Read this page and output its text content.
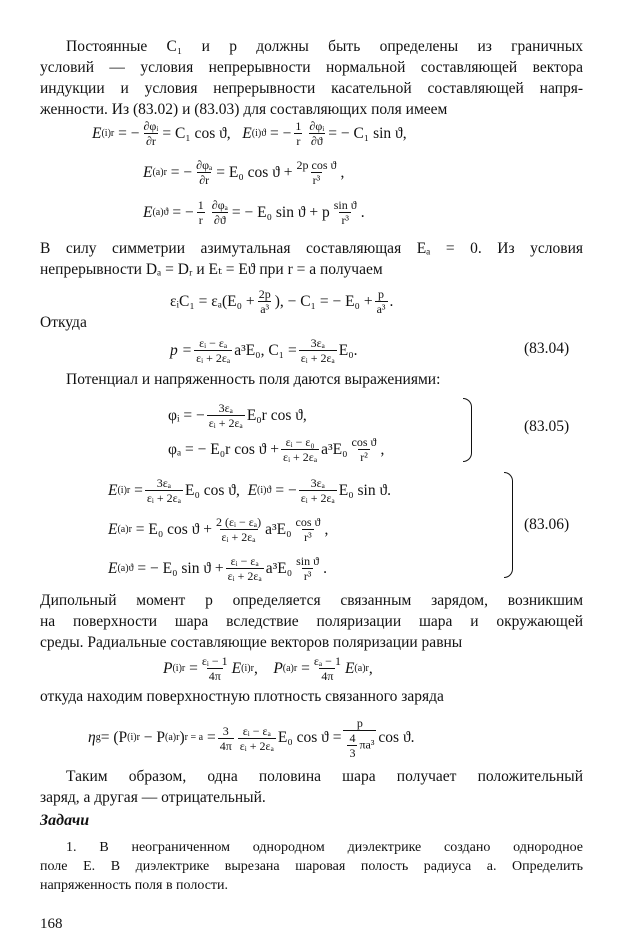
Постоянные C₁ и p должны быть определены из граничных
условий — условия непрерывности нормальной составляющей вектора
индукции и условия непрерывности касательной составляющей напря-
женности. Из (83.02) и (83.03) для составляющих поля имеем
E (i) r = − $\frac{\text{∂φᵢ}}{\partial r} = C_1$ cos ϑ,
E (i) ϑ = − $\frac{1}{r} \frac{\text{∂φᵢ}}{\partial ϑ}$ = − C₁ sin ϑ,
E (a) r = − $\frac{\text{∂φₐ}}{\partial r} = E_0$ $\cos ϑ + \frac{\text{2p cos ϑ}}{\text{r³}}$ ,
E (a) ϑ = − $\frac{1}{r} \frac{\text{∂φₐ}}{\partial ϑ}$ = − E₀ sin ϑ + p $\frac{\text{sin ϑ}}{\text{r³}}$ .
В силу симметрии азимутальная составляющая Eₐ = 0. Из условия
непрерывности Dₐ = Dᵣ и Eₜ = Eϑ при r = a получаем
εᵢC₁ = $\varepsilon_a(E_0 + \frac{2p}{\text{a³}}$ ), − C₁ = − $E_0 + \frac{p}{\text{a³}}$ .
Откуда
$p = \frac{\text{εᵢ − εₐ}}{\text{εᵢ + 2εₐ}} a^3E_0$, $C_1 = \frac{\text{3εₐ}}{\text{εᵢ + 2εₐ}} E_0$.	(83.04)
Потенциал и напряженность поля даются выражениями:
φᵢ = − $\frac{\text{3εₐ}}{\text{εᵢ + 2εₐ}} E_0r$ cos ϑ,
φₐ = − E₀r $\cos ϑ + \frac{\text{εᵢ − ε₀}}{\text{εᵢ + 2εₐ}} a^3E_0 \frac{\text{cos ϑ}}{\text{r²}}$ ,
(83.05)
E (i) r
= $\frac{\text{3εₐ}}{\text{εᵢ + 2εₐ}} E_0$ cos ϑ,
E (i) ϑ
= − $\frac{\text{3εₐ}}{\text{εᵢ + 2εₐ}} E_0$ sin ϑ.
E (a) r
= E₀ $\cos ϑ + \frac{\text{2 (εᵢ − εₐ)}}{\text{εᵢ + 2εₐ}} a^3E_0 \frac{\text{cos ϑ}}{\text{r³}}$ ,
E (a) ϑ
= − E₀ $\sin ϑ + \frac{\text{εᵢ − εₐ}}{\text{εᵢ + 2εₐ}} a^3E_0 \frac{\text{sin ϑ}}{\text{r³}}$ .
(83.06)
Дипольный момент p определяется связанным зарядом, возникшим
на поверхности шара вследствие поляризации шара и окружающей
среды. Радиальные составляющие векторов поляризации равны
P (i) r
= $\frac{\text{εᵢ − 1}}{4\pi}$ E (i) r , P (a) r
= $\frac{\text{εₐ − 1}}{4\pi}$ E (a) r ,
откуда находим поверхностную плотность связанного заряда
η g = (P (i) r
− P (a) r ) r = a
= $\frac{3}{4\pi} \frac{\text{εᵢ − εₐ}}{\text{εᵢ + 2εₐ}} E_0$ $\cos ϑ = \frac{p}{\frac{4}{3} \pi a^3}$ cos ϑ.
Таким образом, одна половина шара получает положительный
заряд, а другая — отрицательный.
Задачи
1. В неограниченном однородном диэлектрике создано однородное
поле E. В диэлектрике вырезана шаровая полость радиуса a. Определить
напряженность поля в полости.
168
